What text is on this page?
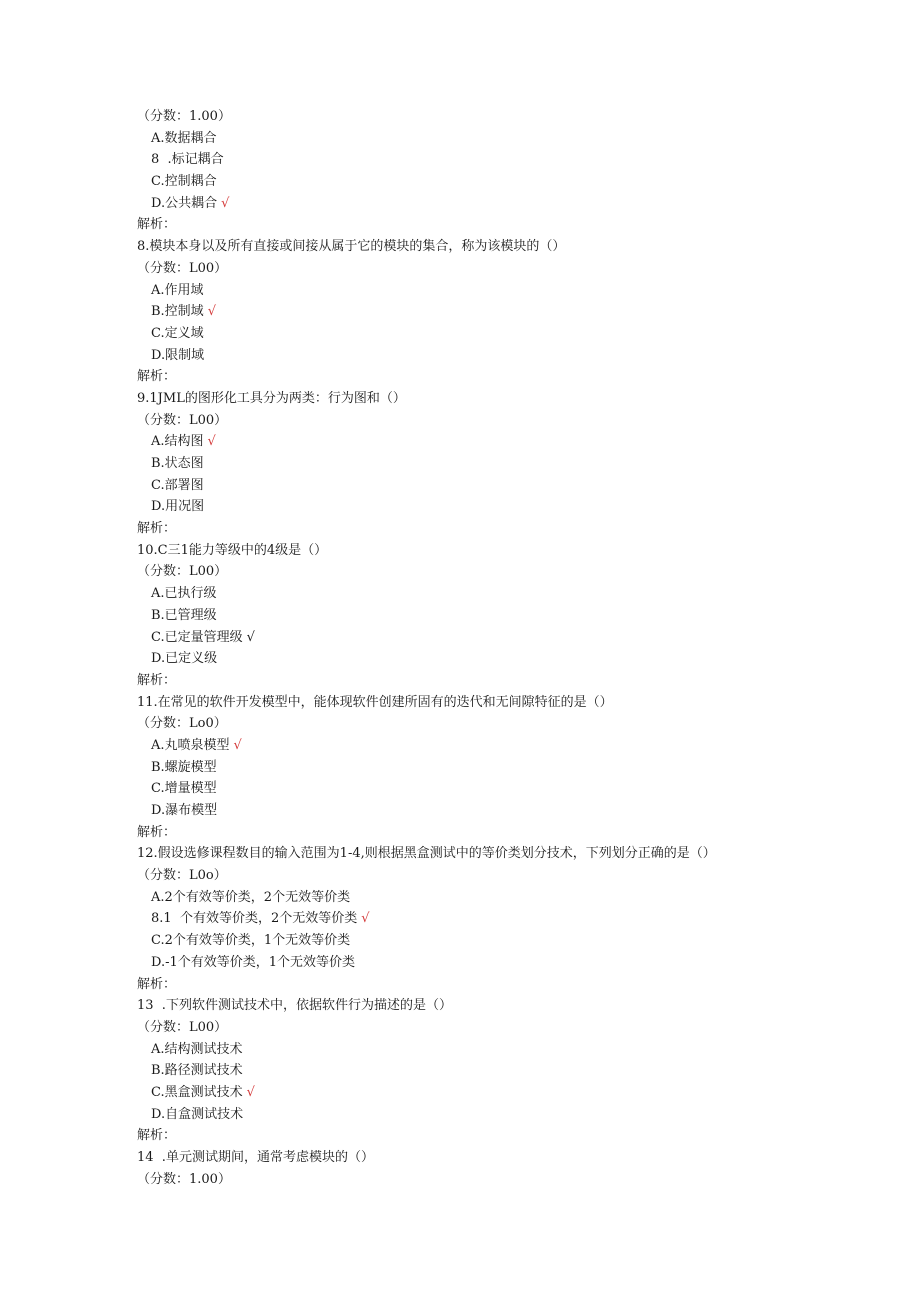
（分数：1.00）
A.数据耦合
8  .标记耦合
C.控制耦合
D.公共耦合 √
解析：
8.模块本身以及所有直接或间接从属于它的模块的集合，称为该模块的（）
（分数：L00）
A.作用域
B.控制域 √
C.定义域
D.限制域
解析：
9.1JML的图形化工具分为两类：行为图和（）
（分数：L00）
A.结构图 √
B.状态图
C.部署图
D.用况图
解析：
10.C三1能力等级中的4级是（）
（分数：L00）
A.已执行级
B.已管理级
C.已定量管理级 √
D.已定义级
解析：
11.在常见的软件开发模型中，能体现软件创建所固有的迭代和无间隙特征的是（）
（分数：Lo0）
A.丸喷泉模型 √
B.螺旋模型
C.增量模型
D.瀑布模型
解析：
12.假设选修课程数目的输入范围为1-4,则根据黑盒测试中的等价类划分技术，下列划分正确的是（）
（分数：L0o）
A.2个有效等价类，2个无效等价类
8.1  个有效等价类，2个无效等价类 √
C.2个有效等价类，1个无效等价类
D.-1个有效等价类，1个无效等价类
解析：
13  .下列软件测试技术中，依据软件行为描述的是（）
（分数：L00）
A.结构测试技术
B.路径测试技术
C.黑盒测试技术 √
D.自盒测试技术
解析：
14  .单元测试期间，通常考虑模块的（）
（分数：1.00）
